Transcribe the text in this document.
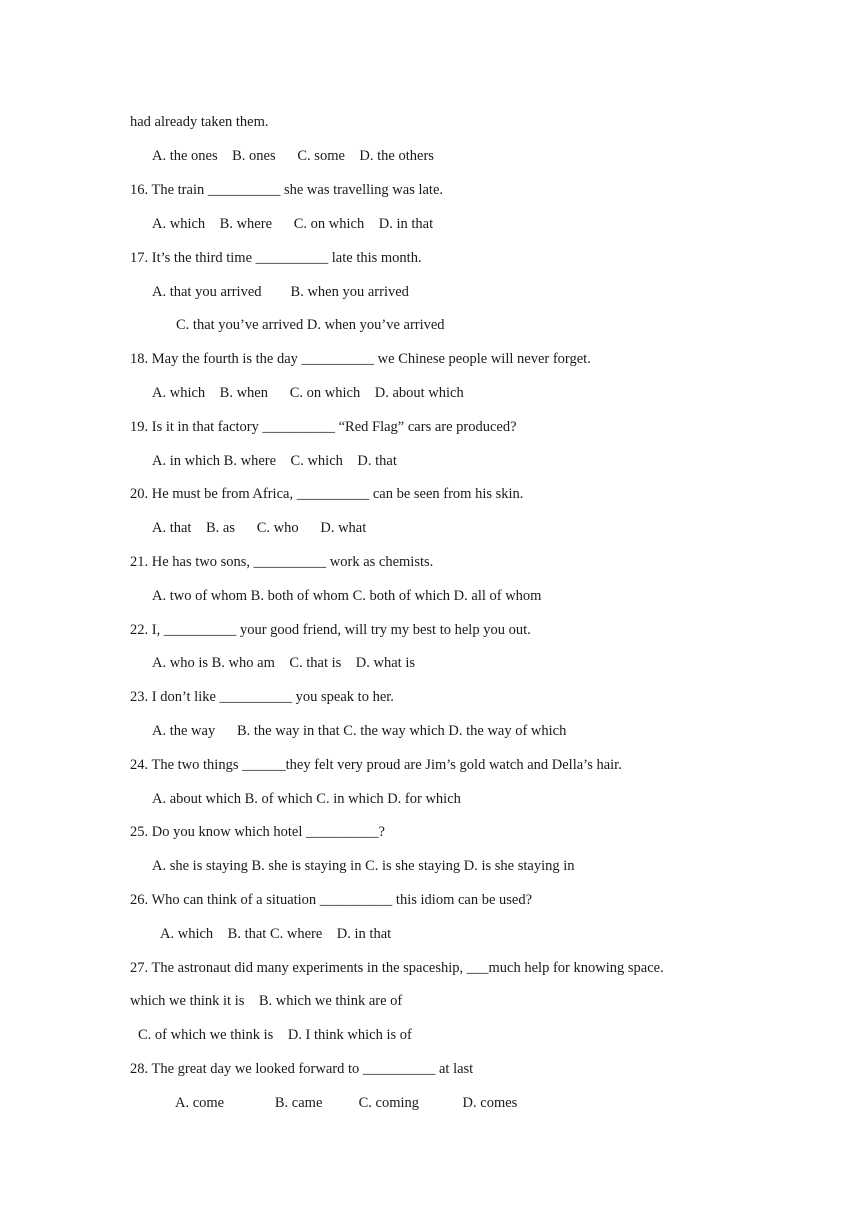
had already taken them.
A. the ones    B. ones      C. some    D. the others
16. The train __________ she was travelling was late.
A. which    B. where      C. on which    D. in that
17. It’s the third time __________ late this month.
A. that you arrived        B. when you arrived
C. that you’ve arrived D. when you’ve arrived
18. May the fourth is the day __________ we Chinese people will never forget.
A. which    B. when      C. on which    D. about which
19. Is it in that factory __________ “Red Flag” cars are produced?
A. in which B. where    C. which    D. that
20. He must be from Africa, __________ can be seen from his skin.
A. that    B. as      C. who      D. what
21. He has two sons, __________ work as chemists.
A. two of whom B. both of whom C. both of which D. all of whom
22. I, __________ your good friend, will try my best to help you out.
A. who is B. who am    C. that is    D. what is
23. I don’t like __________ you speak to her.
A. the way      B. the way in that C. the way which D. the way of which
24. The two things ______they felt very proud are Jim’s gold watch and Della’s hair.
A. about which B. of which C. in which D. for which
25. Do you know which hotel __________?
A. she is staying B. she is staying in C. is she staying D. is she staying in
26. Who can think of a situation __________ this idiom can be used?
A. which    B. that C. where    D. in that
27. The astronaut did many experiments in the spaceship, ___much help for knowing space.
which we think it is    B. which we think are of
C. of which we think is    D. I think which is of
28. The great day we looked forward to __________ at last
A. come              B. came          C. coming            D. comes
